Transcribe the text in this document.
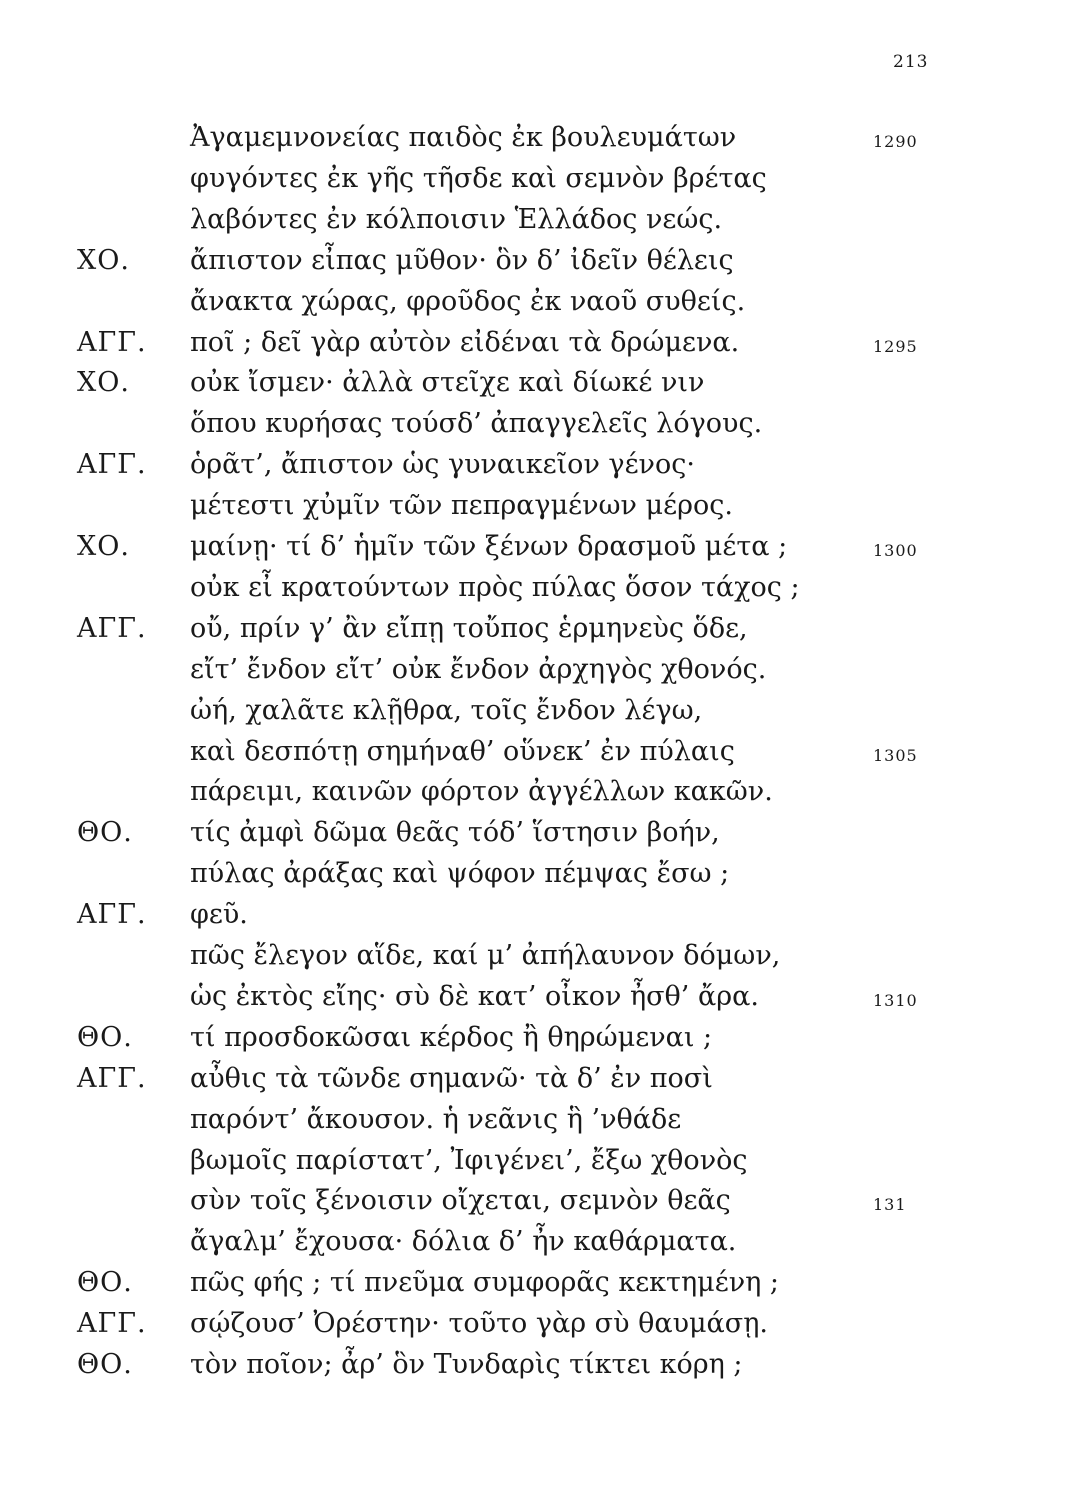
213
Ἀγαμεμνονείας παιδὸς ἐκ βουλευμάτων	1290
φυγόντες ἐκ γῆς τῆσδε καὶ σεμνὸν βρέτας
λαβόντες ἐν κόλποισιν Ἑλλάδος νεώς.
ΧΟ. ἄπιστον εἶπας μῦθον· ὃν δ’ ἰδεῖν θέλεις
ἄνακτα χώρας, φροῦδος ἐκ ναοῦ συθείς.
ΑΓΓ. ποῖ ; δεῖ γὰρ αὐτὸν εἰδέναι τὰ δρώμενα.	1295
ΧΟ. οὐκ ἴσμεν· ἀλλὰ στεῖχε καὶ δίωκέ νιν
ὅπου κυρήσας τούσδ’ ἀπαγγελεῖς λόγους.
ΑΓΓ. ὁρᾶτ’, ἄπιστον ὡς γυναικεῖον γένος·
μέτεστι χὐμῖν τῶν πεπραγμένων μέρος.
ΧΟ. μαίνῃ· τί δ’ ἡμῖν τῶν ξένων δρασμοῦ μέτα ;	1300
οὐκ εἶ κρατούντων πρὸς πύλας ὅσον τάχος ;
ΑΓΓ. οὔ, πρίν γ’ ἂν εἴπῃ τοὔπος ἑρμηνεὺς ὅδε,
εἴτ’ ἔνδον εἴτ’ οὐκ ἔνδον ἀρχηγὸς χθονός.
ὠή, χαλᾶτε κλῇθρα, τοῖς ἔνδον λέγω,
καὶ δεσπότῃ σημήναθ’ οὕνεκ’ ἐν πύλαις	1305
πάρειμι, καινῶν φόρτον ἀγγέλλων κακῶν.
ΘΟ. τίς ἀμφὶ δῶμα θεᾶς τόδ’ ἵστησιν βοήν,
πύλας ἀράξας καὶ ψόφον πέμψας ἔσω ;
ΑΓΓ. φεῦ.
πῶς ἔλεγον αἵδε, καί μ’ ἀπήλαυνον δόμων,
ὡς ἐκτὸς εἴης· σὺ δὲ κατ’ οἶκον ἦσθ’ ἄρα.	1310
ΘΟ. τί προσδοκῶσαι κέρδος ἢ θηρώμεναι ;
ΑΓΓ. αὖθις τὰ τῶνδε σημανῶ· τὰ δ’ ἐν ποσὶ
παρόντ’ ἄκουσον. ἡ νεᾶνις ἣ ’νθάδε
βωμοῖς παρίστατ’, Ἰφιγένει’, ἔξω χθονὸς
σὺν τοῖς ξένοισιν οἴχεται, σεμνὸν θεᾶς	131
ἄγαλμ’ ἔχουσα· δόλια δ’ ἦν καθάρματα.
ΘΟ. πῶς φής ; τί πνεῦμα συμφορᾶς κεκτημένη ;
ΑΓΓ. σῴζουσ’ Ὀρέστην· τοῦτο γὰρ σὺ θαυμάσῃ.
ΘΟ. τὸν ποῖον; ἆρ’ ὃν Τυνδαρὶς τίκτει κόρη ;
